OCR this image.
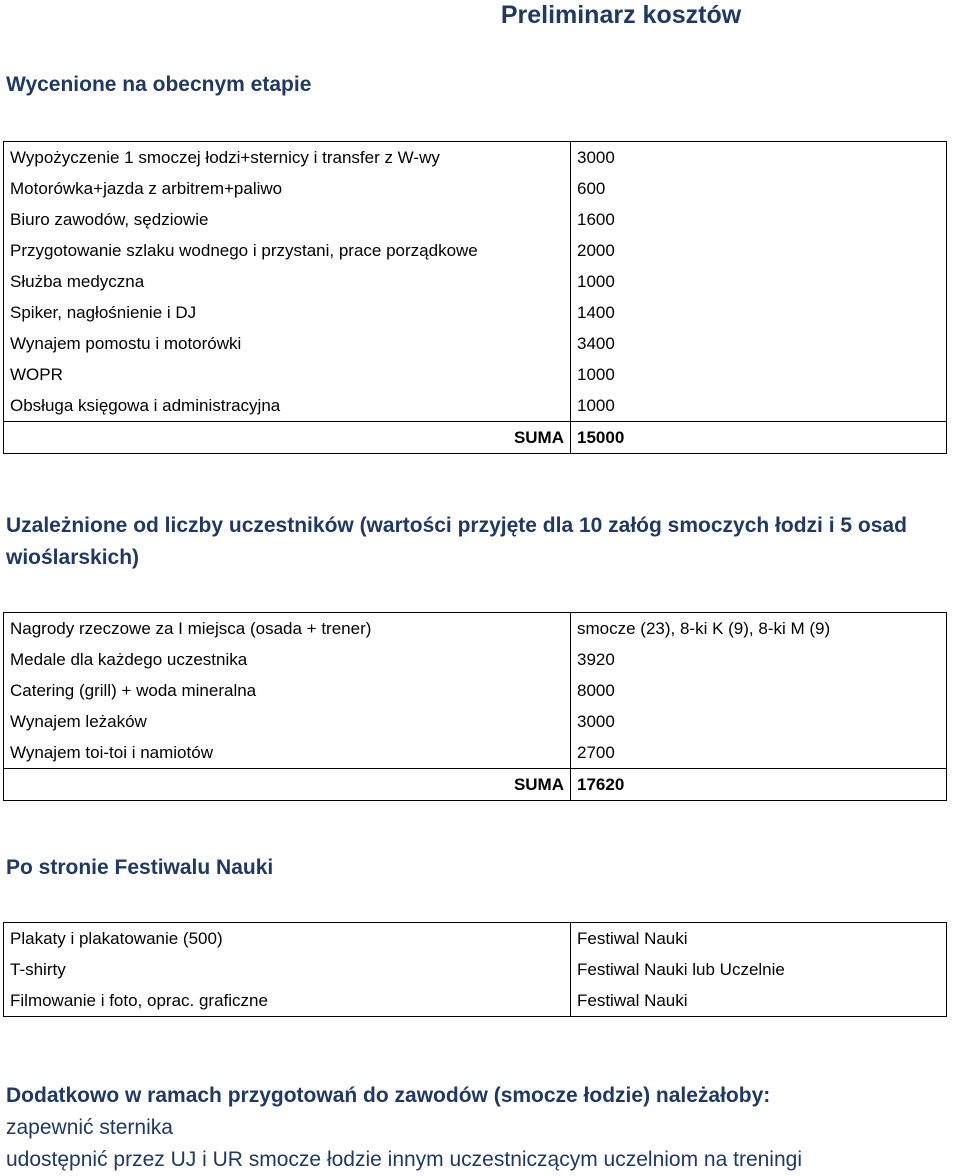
Preliminarz kosztów
Wycenione na obecnym etapie
Wypożyczenie 1 smoczej łodzi+sternicy i transfer z W-wy	3000
Motorówka+jazda z arbitrem+paliwo	600
Biuro zawodów, sędziowie	1600
Przygotowanie szlaku wodnego i przystani, prace porządkowe	2000
Służba medyczna	1000
Spiker, nagłośnienie i DJ	1400
Wynajem pomostu i motorówki	3400
WOPR	1000
Obsługa księgowa i administracyjna	1000
SUMA	15000
Uzależnione od liczby uczestników (wartości przyjęte dla 10 załóg smoczych łodzi i 5 osad
wioślarskich)
Nagrody rzeczowe za I miejsca (osada + trener)	smocze (23), 8-ki K (9), 8-ki M (9)
Medale dla każdego uczestnika	3920
Catering (grill) + woda mineralna	8000
Wynajem leżaków	3000
Wynajem toi-toi i namiotów	2700
SUMA	17620
Po stronie Festiwalu Nauki
Plakaty i plakatowanie (500)	Festiwal Nauki
T-shirty	Festiwal Nauki lub Uczelnie
Filmowanie i foto, oprac. graficzne	Festiwal Nauki
Dodatkowo w ramach przygotowań do zawodów (smocze łodzie) należałoby:
zapewnić sternika
udostępnić przez UJ i UR smocze łodzie innym uczestniczącym uczelniom na treningi
